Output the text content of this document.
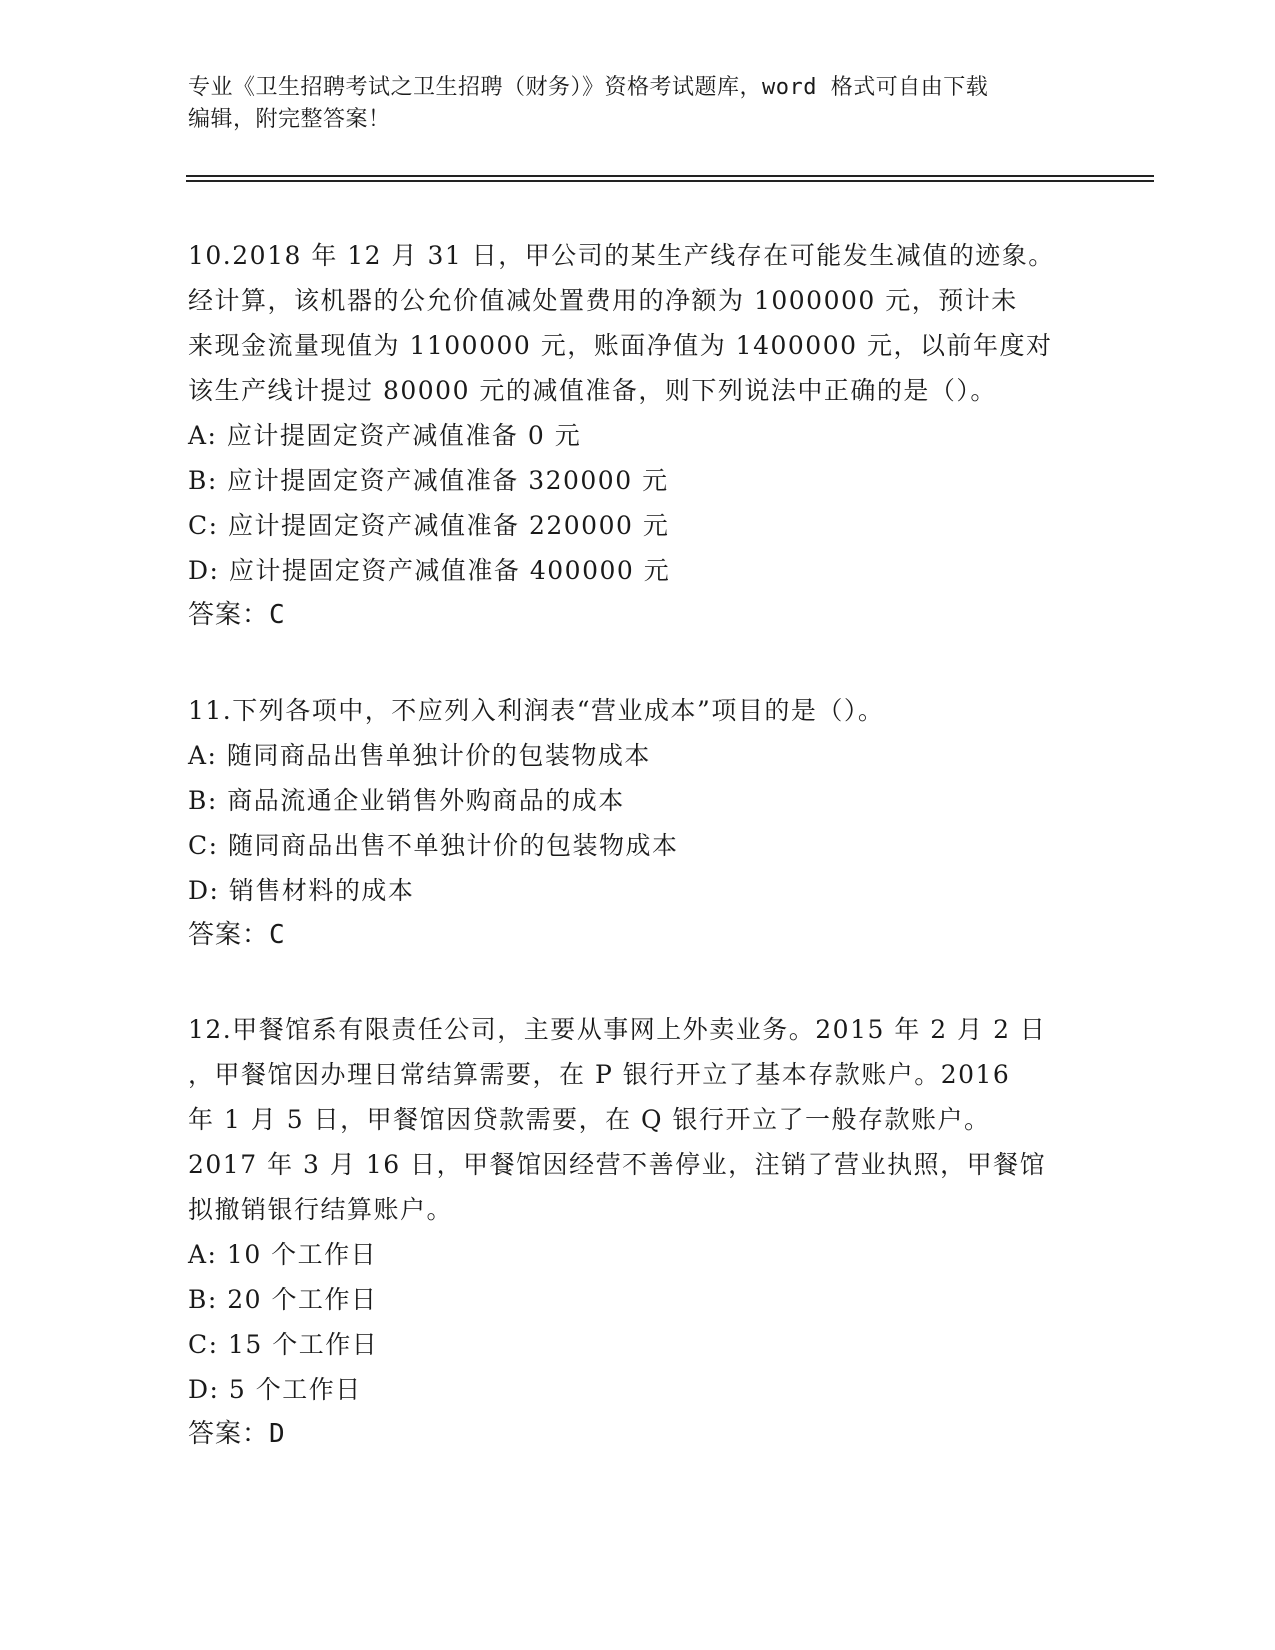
专业《卫生招聘考试之卫生招聘（财务）》资格考试题库，word 格式可自由下载
编辑，附完整答案！
10.2018 年 12 月 31 日，甲公司的某生产线存在可能发生减值的迹象。
经计算，该机器的公允价值减处置费用的净额为 1000000 元，预计未
来现金流量现值为 1100000 元，账面净值为 1400000 元，以前年度对
该生产线计提过 80000 元的减值准备，则下列说法中正确的是（）。
A: 应计提固定资产减值准备 0 元
B: 应计提固定资产减值准备 320000 元
C: 应计提固定资产减值准备 220000 元
D: 应计提固定资产减值准备 400000 元
答案：C
11.下列各项中，不应列入利润表“营业成本”项目的是（）。
A: 随同商品出售单独计价的包装物成本
B: 商品流通企业销售外购商品的成本
C: 随同商品出售不单独计价的包装物成本
D: 销售材料的成本
答案：C
12.甲餐馆系有限责任公司，主要从事网上外卖业务。2015 年 2 月 2 日
，甲餐馆因办理日常结算需要，在 P 银行开立了基本存款账户。2016
年 1 月 5 日，甲餐馆因贷款需要，在 Q 银行开立了一般存款账户。
2017 年 3 月 16 日，甲餐馆因经营不善停业，注销了营业执照，甲餐馆
拟撤销银行结算账户。
A: 10 个工作日
B: 20 个工作日
C: 15 个工作日
D: 5 个工作日
答案：D
